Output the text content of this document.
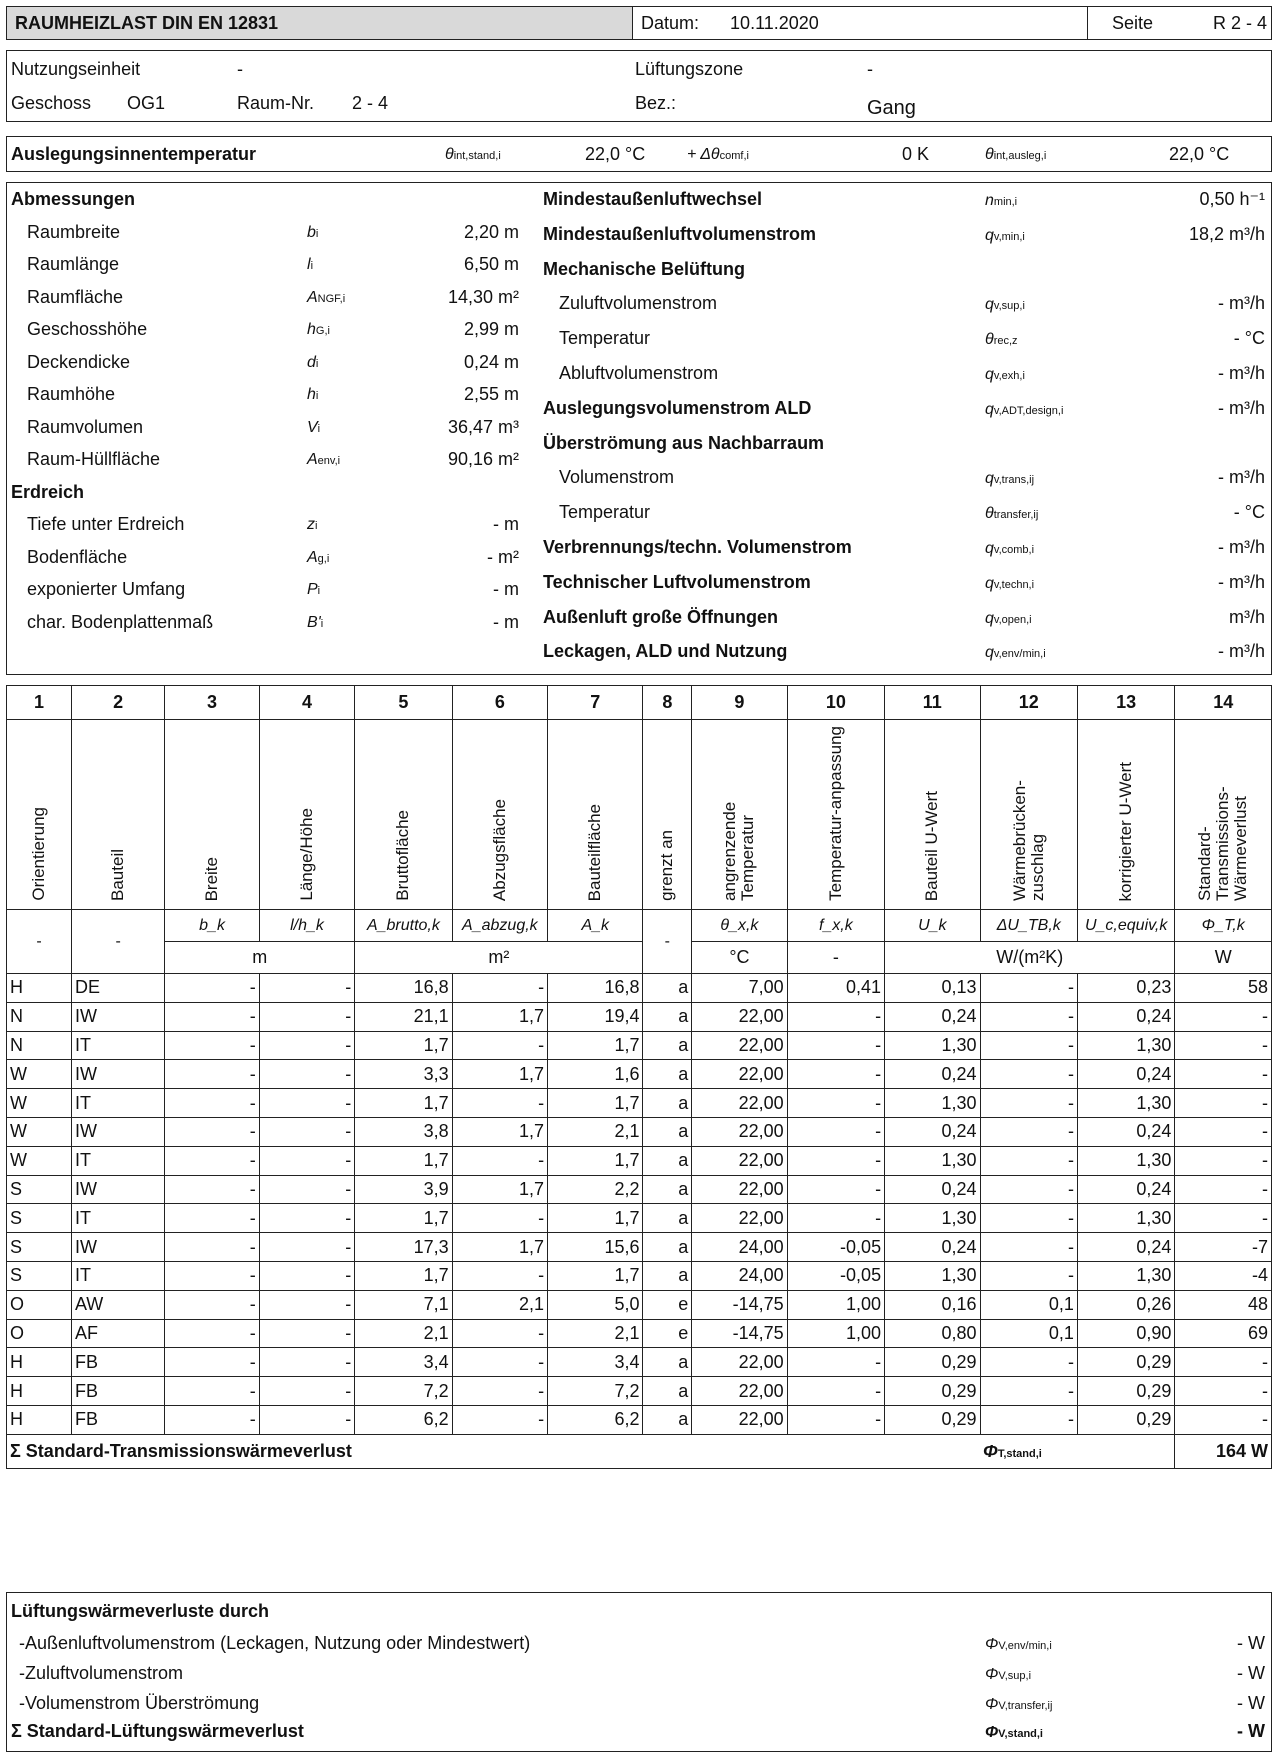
RAUMHEIZLAST DIN EN 12831	Datum: 10.11.2020	Seite	R 2 - 4
Nutzungseinheit	-	Lüftungszone	-
Geschoss OG1	Raum-Nr. 2 - 4	Bez.:	Gang
Auslegungsinnentemperatur	θint,stand,i	22,0 °C	+ Δθcomf,i	0 K	θint,ausleg,i	22,0 °C
Abmessungen
Raumbreite	bi	2,20 m
Raumlänge	li	6,50 m
Raumfläche	ANGF,i	14,30 m²
Geschosshöhe	hG,i	2,99 m
Deckendicke	di	0,24 m
Raumhöhe	hi	2,55 m
Raumvolumen	Vi	36,47 m³
Raum-Hüllfläche	Aenv,i	90,16 m²
Erdreich
Tiefe unter Erdreich	zi	- m
Bodenfläche	Ag,i	- m²
exponierter Umfang	Pi	- m
char. Bodenplattenmaß	B'i	- m
Mindestaußenluftwechsel	nmin,i	0,50 h⁻¹
Mindestaußenluftvolumenstrom	qv,min,i	18,2 m³/h
Mechanische Belüftung
Zuluftvolumenstrom	qv,sup,i	- m³/h
Temperatur	θrec,z	- °C
Abluftvolumenstrom	qv,exh,i	- m³/h
Auslegungsvolumenstrom ALD	qv,ADT,design,i	- m³/h
Überströmung aus Nachbarraum
Volumenstrom	qv,trans,ij	- m³/h
Temperatur	θtransfer,ij	- °C
Verbrennungs/techn. Volumenstrom	qv,comb,i	- m³/h
Technischer Luftvolumenstrom	qv,techn,i	- m³/h
Außenluft große Öffnungen	qv,open,i	m³/h
Leckagen, ALD und Nutzung	qv,env/min,i	- m³/h
1	2	3	4	5	6	7	8	9	10	11	12	13	14

Orientierung	Bauteil	Breite	Länge/Höhe	Bruttofläche	Abzugsfläche	Bauteilfläche	grenzt an	angrenzende Temperatur	Temperatur-anpassung	Bauteil U-Wert	Wärmebrücken-zuschlag	korrigierter U-Wert	Standard-Transmissions-Wärmeverlust

-	-	b_k	l/h_k	A_brutto,k	A_abzug,k	A_k	-	θ_x,k	f_x,k	U_k	ΔU_TB,k	U_c,equiv,k	Φ_T,k
		m		m²				°C	-	W/(m²K)			W
H	DE	-	-	16,8	-	16,8	a	7,00	0,41	0,13	-	0,23	58
N	IW	-	-	21,1	1,7	19,4	a	22,00	-	0,24	-	0,24	-
N	IT	-	-	1,7	-	1,7	a	22,00	-	1,30	-	1,30	-
W	IW	-	-	3,3	1,7	1,6	a	22,00	-	0,24	-	0,24	-
W	IT	-	-	1,7	-	1,7	a	22,00	-	1,30	-	1,30	-
W	IW	-	-	3,8	1,7	2,1	a	22,00	-	0,24	-	0,24	-
W	IT	-	-	1,7	-	1,7	a	22,00	-	1,30	-	1,30	-
S	IW	-	-	3,9	1,7	2,2	a	22,00	-	0,24	-	0,24	-
S	IT	-	-	1,7	-	1,7	a	22,00	-	1,30	-	1,30	-
S	IW	-	-	17,3	1,7	15,6	a	24,00	-0,05	0,24	-	0,24	-7
S	IT	-	-	1,7	-	1,7	a	24,00	-0,05	1,30	-	1,30	-4
O	AW	-	-	7,1	2,1	5,0	e	-14,75	1,00	0,16	0,1	0,26	48
O	AF	-	-	2,1	-	2,1	e	-14,75	1,00	0,80	0,1	0,90	69
H	FB	-	-	3,4	-	3,4	a	22,00	-	0,29	-	0,29	-
H	FB	-	-	7,2	-	7,2	a	22,00	-	0,29	-	0,29	-
H	FB	-	-	6,2	-	6,2	a	22,00	-	0,29	-	0,29	-
Σ Standard-Transmissionswärmeverlust											ΦT,stand,i		164 W
Lüftungswärmeverluste durch
-Außenluftvolumenstrom (Leckagen, Nutzung oder Mindestwert)	ΦV,env/min,i	- W
-Zuluftvolumenstrom	ΦV,sup,i	- W
-Volumenstrom Überströmung	ΦV,transfer,ij	- W
Σ Standard-Lüftungswärmeverlust	ΦV,stand,i	- W
